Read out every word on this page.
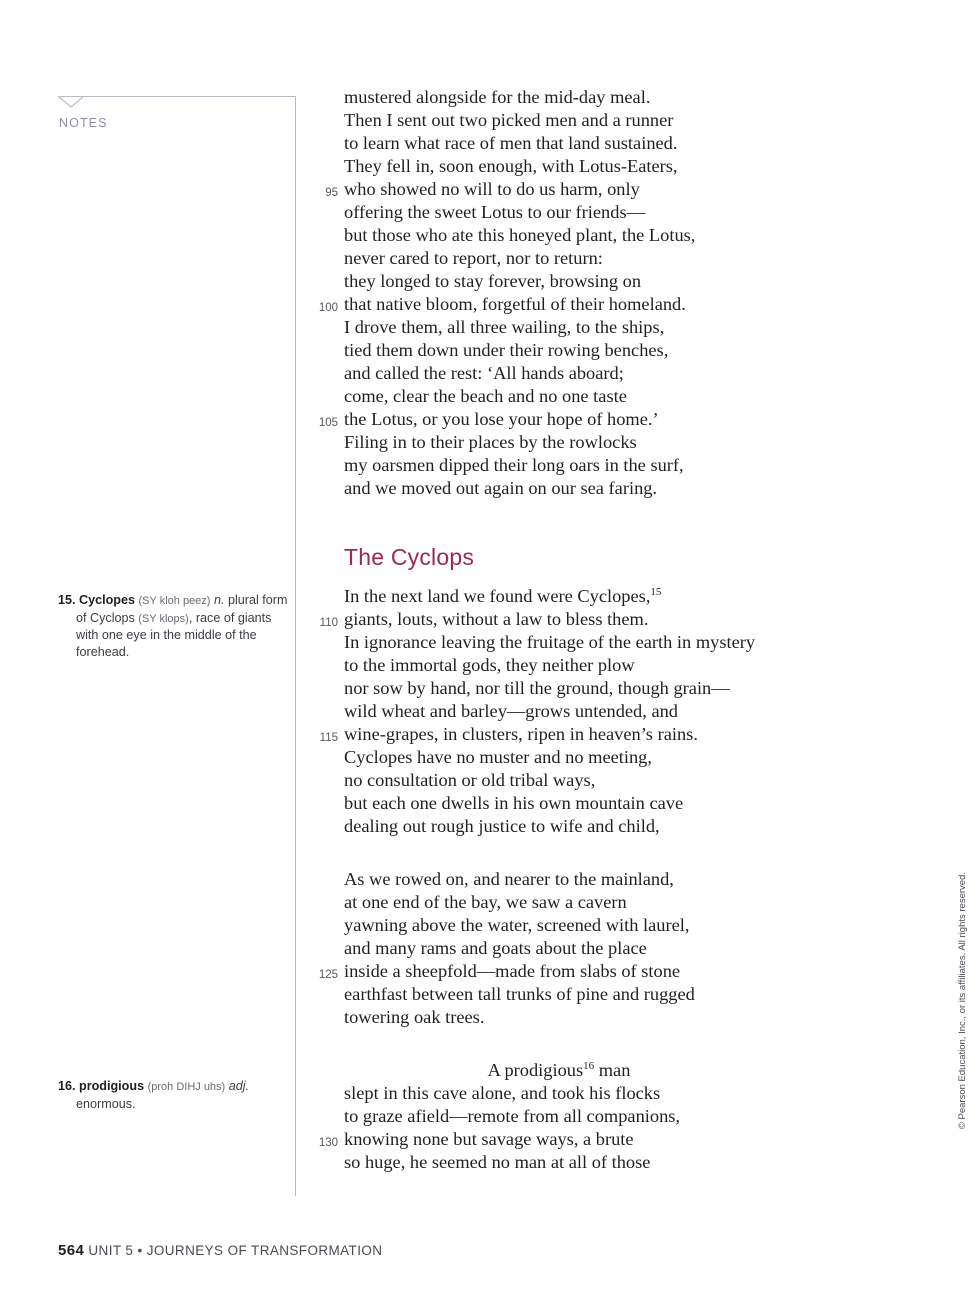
NOTES
15. Cyclopes (SY kloh peez) n. plural form of Cyclops (SY klops), race of giants with one eye in the middle of the forehead.
16. prodigious (proh DIHJ uhs) adj.
enormous.
mustered alongside for the mid-day meal.
Then I sent out two picked men and a runner
to learn what race of men that land sustained.
They fell in, soon enough, with Lotus-Eaters,
95 who showed no will to do us harm, only
offering the sweet Lotus to our friends—
but those who ate this honeyed plant, the Lotus,
never cared to report, nor to return:
they longed to stay forever, browsing on
100 that native bloom, forgetful of their homeland.
I drove them, all three wailing, to the ships,
tied them down under their rowing benches,
and called the rest: ‘All hands aboard;
come, clear the beach and no one taste
105 the Lotus, or you lose your hope of home.’
Filing in to their places by the rowlocks
my oarsmen dipped their long oars in the surf,
and we moved out again on our sea faring.
The Cyclops
In the next land we found were Cyclopes,$^{15}$
110 giants, louts, without a law to bless them.
In ignorance leaving the fruitage of the earth in mystery
to the immortal gods, they neither plow
nor sow by hand, nor till the ground, though grain—
wild wheat and barley—grows untended, and
115 wine-grapes, in clusters, ripen in heaven’s rains.
Cyclopes have no muster and no meeting,
no consultation or old tribal ways,
but each one dwells in his own mountain cave
dealing out rough justice to wife and child,
As we rowed on, and nearer to the mainland,
at one end of the bay, we saw a cavern
yawning above the water, screened with laurel,
and many rams and goats about the place
125 inside a sheepfold—made from slabs of stone
earthfast between tall trunks of pine and rugged
towering oak trees.
A prodigious$^{16}$ man
slept in this cave alone, and took his flocks
to graze afield—remote from all companions,
130 knowing none but savage ways, a brute
so huge, he seemed no man at all of those
564 UNIT 5 • JOURNEYS OF TRANSFORMATION
© Pearson Education, Inc., or its affiliates. All rights reserved.
